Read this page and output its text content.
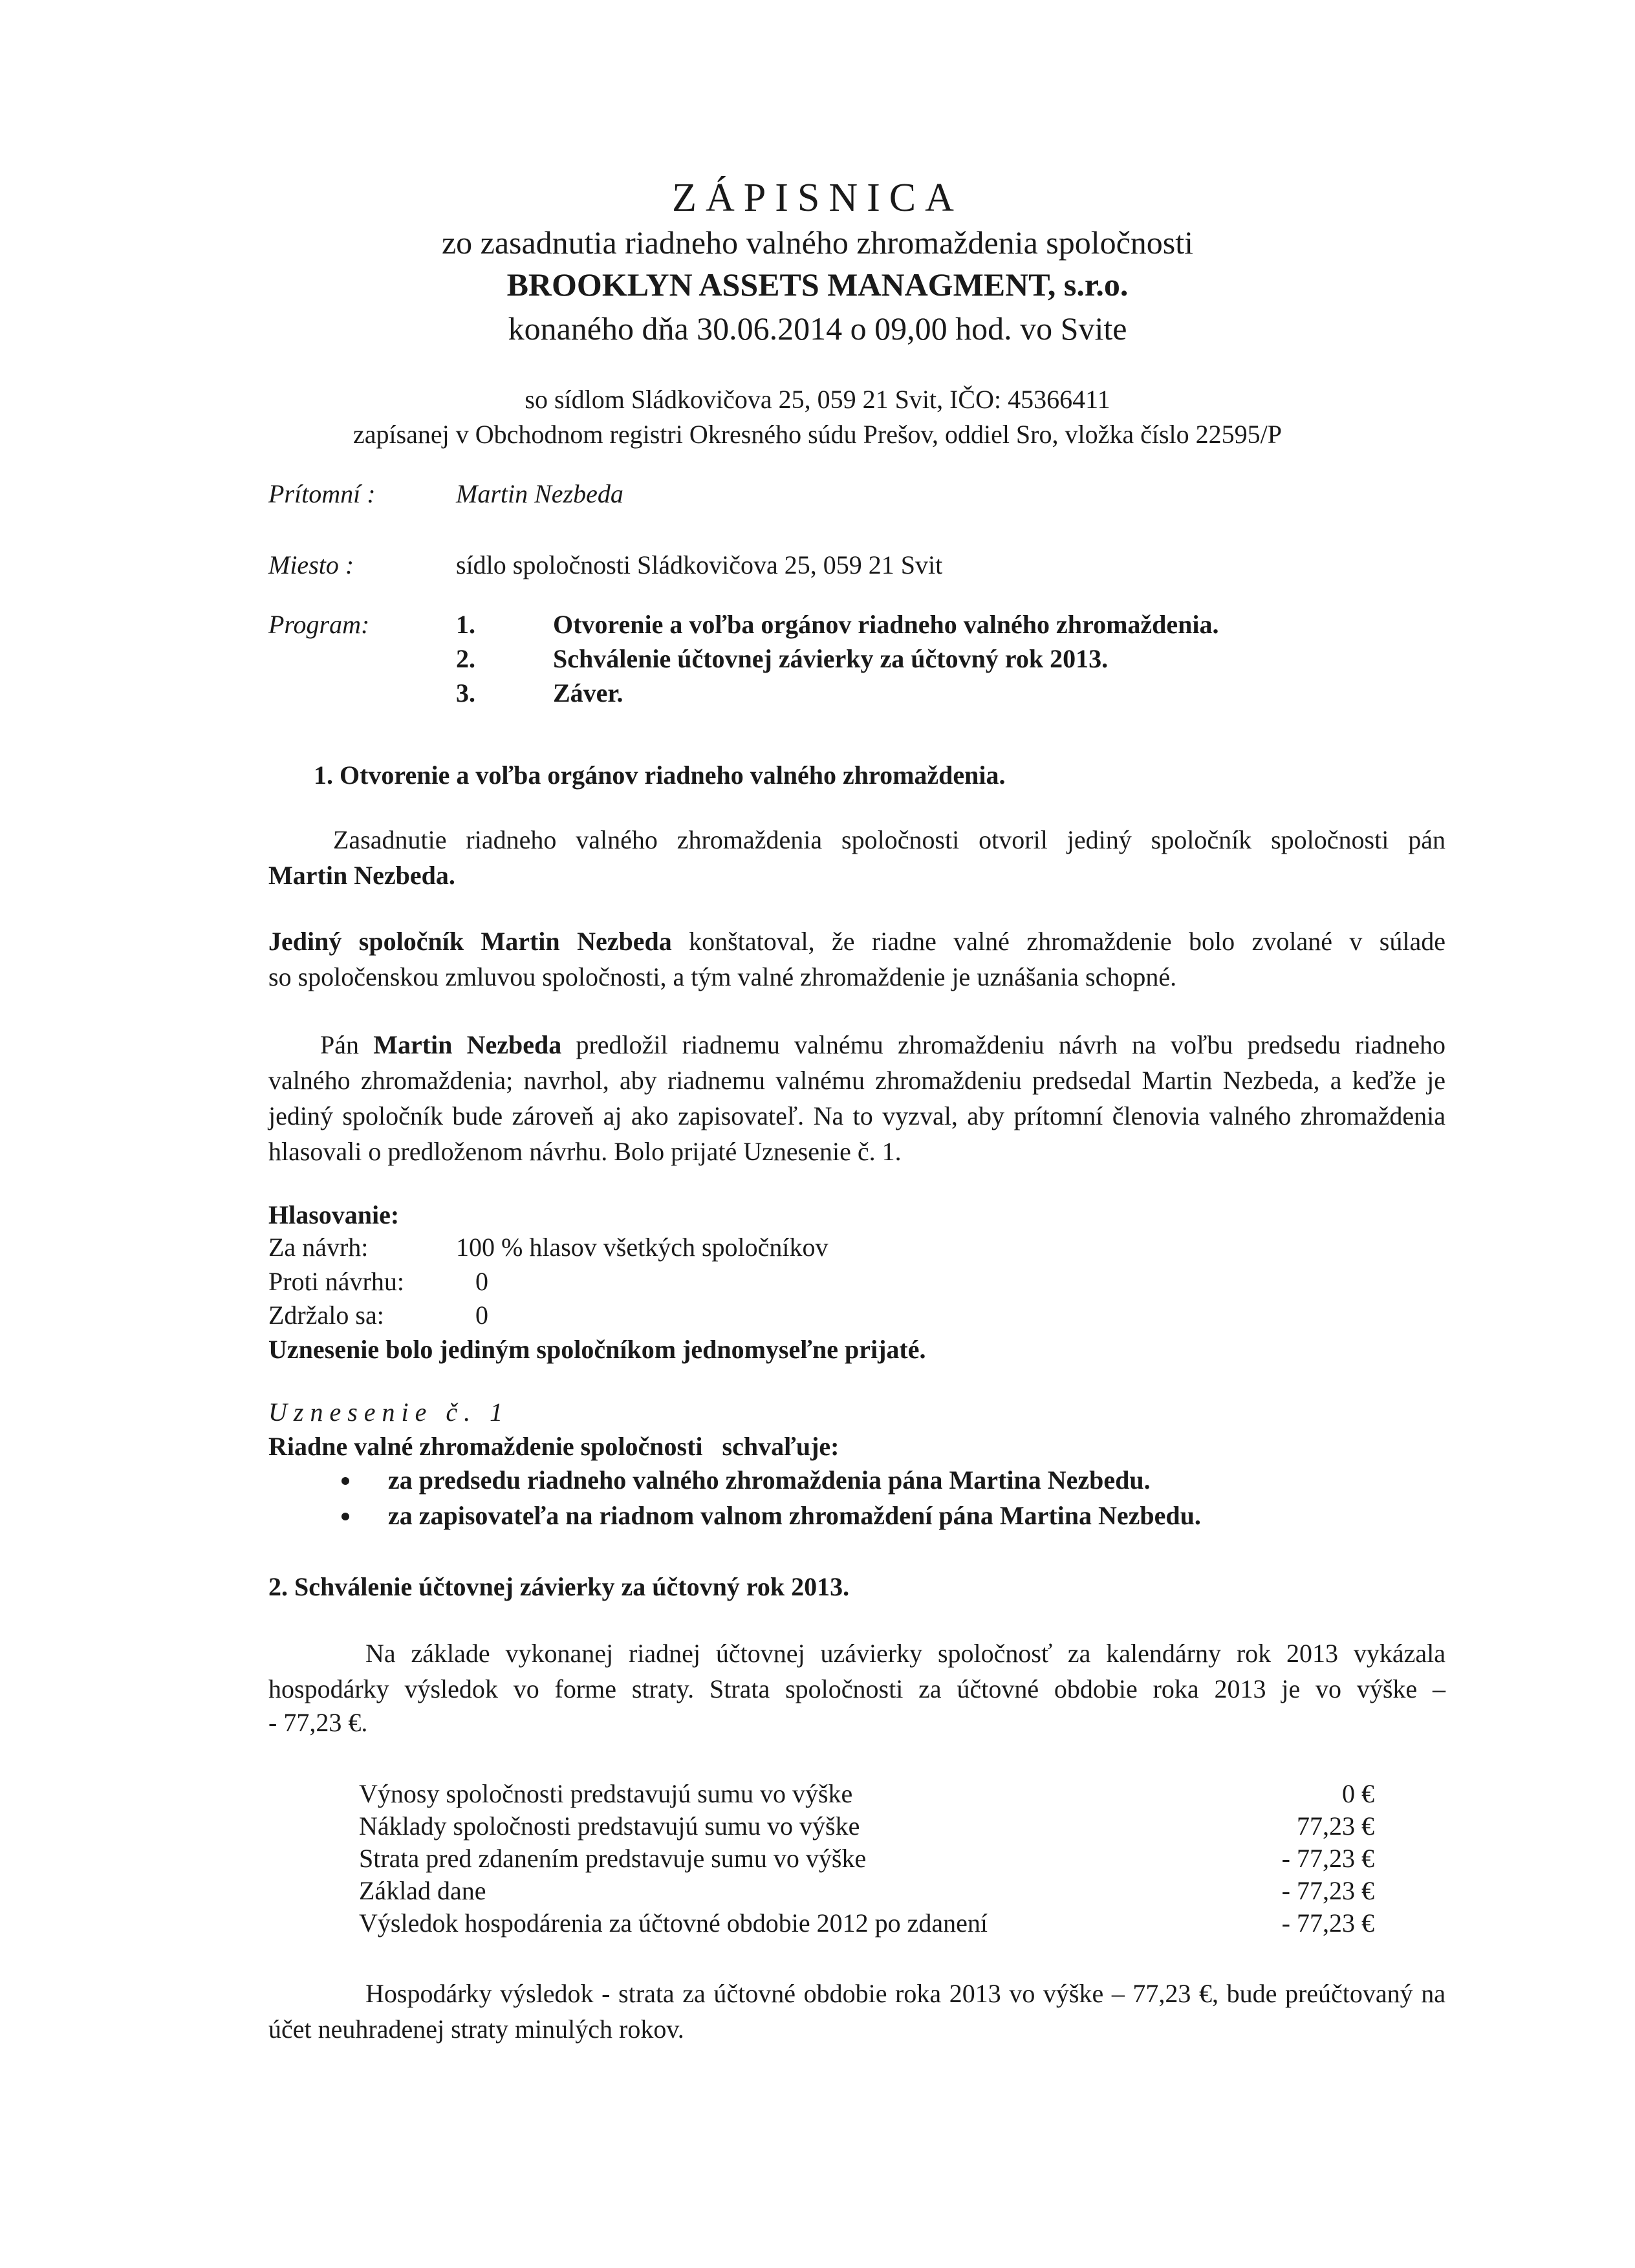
ZÁPISNICA
zo zasadnutia riadneho valného zhromaždenia spoločnosti
BROOKLYN ASSETS MANAGMENT, s.r.o.
konaného dňa 30.06.2014 o 09,00 hod. vo Svite
so sídlom Sládkovičova 25, 059 21 Svit, IČO: 45366411
zapísanej v Obchodnom registri Okresného súdu Prešov, oddiel Sro, vložka číslo 22595/P
Prítomní :	Martin Nezbeda
Miesto :	sídlo spoločnosti Sládkovičova 25, 059 21 Svit
Program:	1.	Otvorenie a voľba orgánov riadneho valného zhromaždenia.
2.	Schválenie účtovnej závierky za účtovný rok 2013.
3.	Záver.
1. Otvorenie a voľba orgánov riadneho valného zhromaždenia.
Zasadnutie riadneho valného zhromaždenia spoločnosti otvoril jediný spoločník spoločnosti pán
Martin Nezbeda.
Jediný spoločník Martin Nezbeda konštatoval, že riadne valné zhromaždenie bolo zvolané v súlade
so spoločenskou zmluvou spoločnosti, a tým valné zhromaždenie je uznášania schopné.
Pán Martin Nezbeda predložil riadnemu valnému zhromaždeniu návrh na voľbu predsedu riadneho valného zhromaždenia; navrhol, aby riadnemu valnému zhromaždeniu predsedal Martin Nezbeda, a keďže je jediný spoločník bude zároveň aj ako zapisovateľ. Na to vyzval, aby prítomní členovia valného zhromaždenia hlasovali o predloženom návrhu. Bolo prijaté Uznesenie č. 1.
Hlasovanie:
Za návrh:	100 % hlasov všetkých spoločníkov
Proti návrhu:	0
Zdržalo sa:	0
Uznesenie bolo jediným spoločníkom jednomyseľne prijaté.
Uznesenie č. 1
Riadne valné zhromaždenie spoločnosti   schvaľuje:
za predsedu riadneho valného zhromaždenia pána Martina Nezbedu.
za zapisovateľa na riadnom valnom zhromaždení pána Martina Nezbedu.
2. Schválenie účtovnej závierky za účtovný rok 2013.
Na základe vykonanej riadnej účtovnej uzávierky spoločnosť za kalendárny rok 2013 vykázala
hospodárky výsledok vo forme straty. Strata spoločnosti za účtovné obdobie roka 2013 je vo výške –
- 77,23 €.
Výnosy spoločnosti predstavujú sumu vo výške	0 €
Náklady spoločnosti predstavujú sumu vo výške	77,23 €
Strata pred zdanením predstavuje sumu vo výške	- 77,23 €
Základ dane	- 77,23 €
Výsledok hospodárenia za účtovné obdobie 2012 po zdanení	- 77,23 €
Hospodárky výsledok - strata za účtovné obdobie roka 2013 vo výške – 77,23 €, bude preúčtovaný na účet neuhradenej straty minulých rokov.
